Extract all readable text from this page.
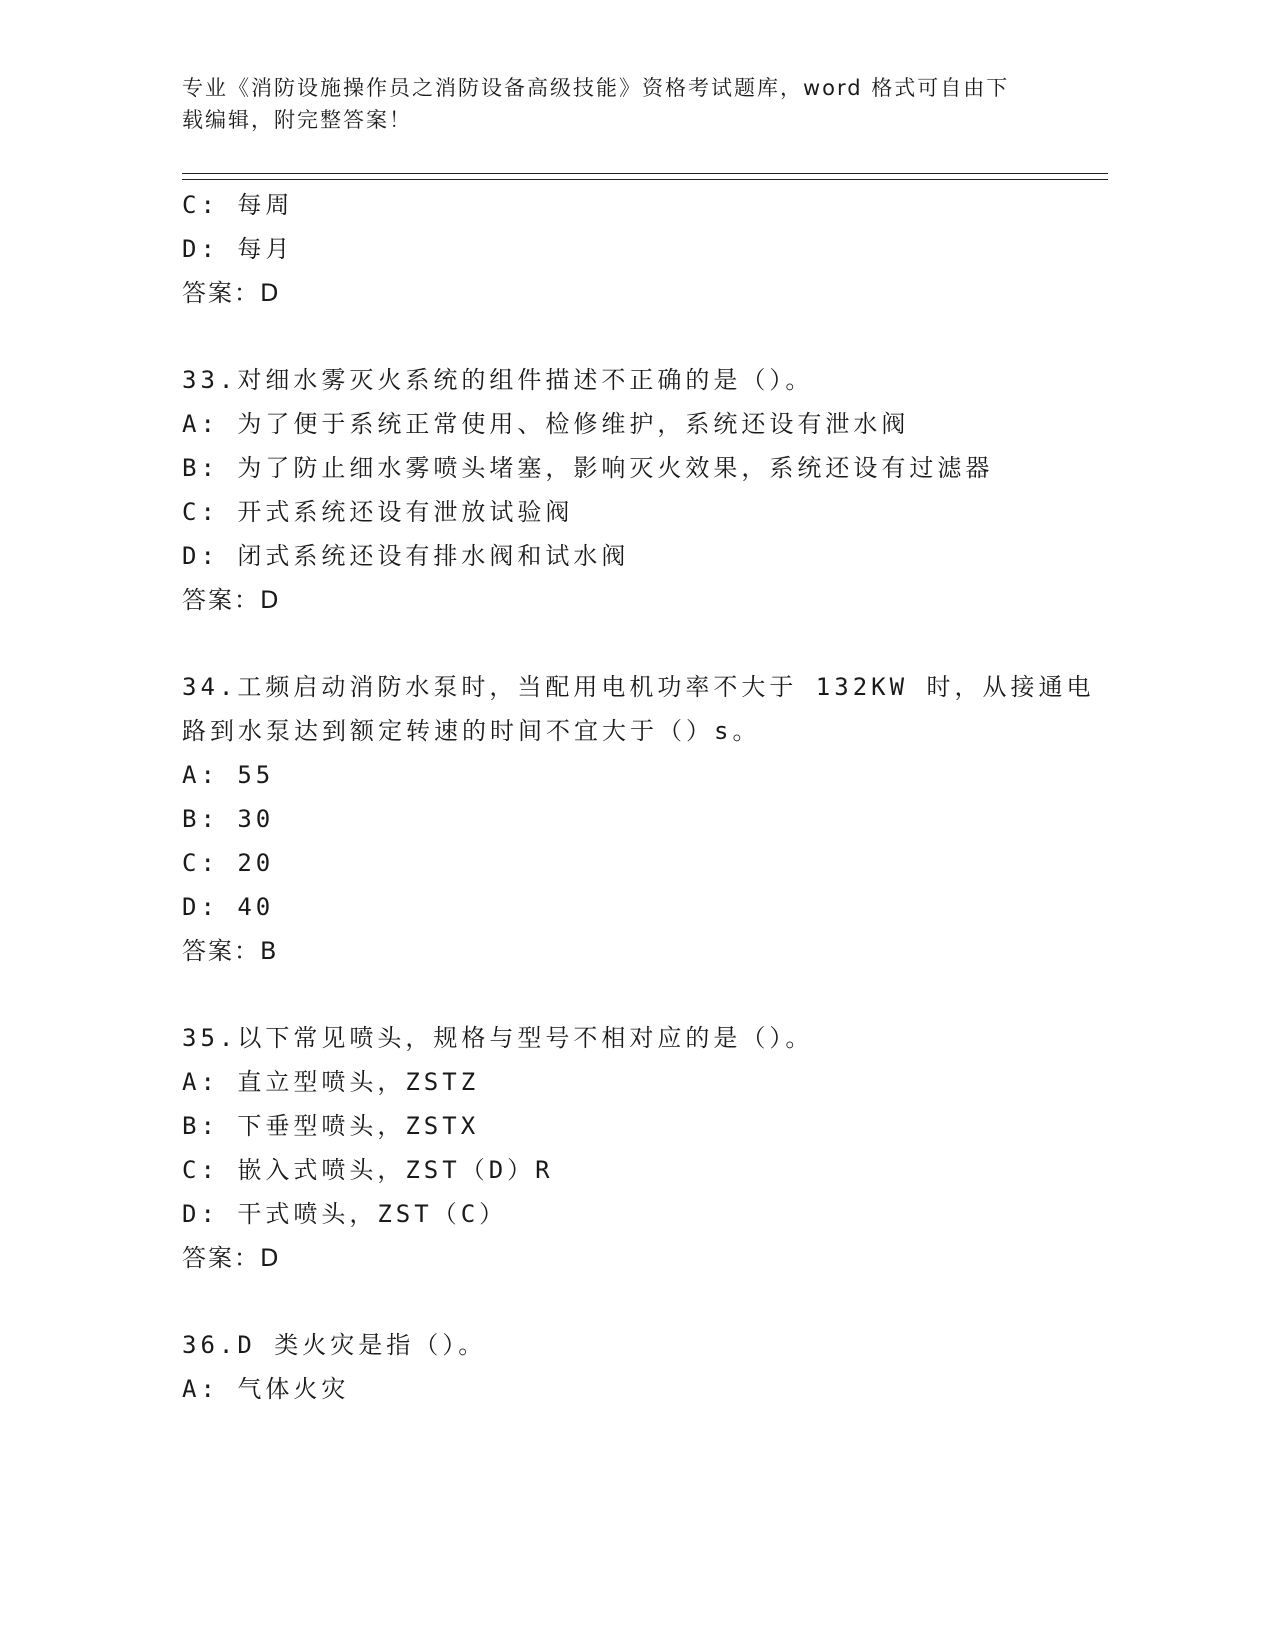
专业《消防设施操作员之消防设备高级技能》资格考试题库，word 格式可自由下
载编辑，附完整答案！
C: 每周
D: 每月
答案：D
33.对细水雾灭火系统的组件描述不正确的是（）。
A: 为了便于系统正常使用、检修维护，系统还设有泄水阀
B: 为了防止细水雾喷头堵塞，影响灭火效果，系统还设有过滤器
C: 开式系统还设有泄放试验阀
D: 闭式系统还设有排水阀和试水阀
答案：D
34.工频启动消防水泵时，当配用电机功率不大于 132KW 时，从接通电
路到水泵达到额定转速的时间不宜大于（）s。
A: 55
B: 30
C: 20
D: 40
答案：B
35.以下常见喷头，规格与型号不相对应的是（）。
A: 直立型喷头，ZSTZ
B: 下垂型喷头，ZSTX
C: 嵌入式喷头，ZST（D）R
D: 干式喷头，ZST（C）
答案：D
36.D 类火灾是指（）。
A: 气体火灾
